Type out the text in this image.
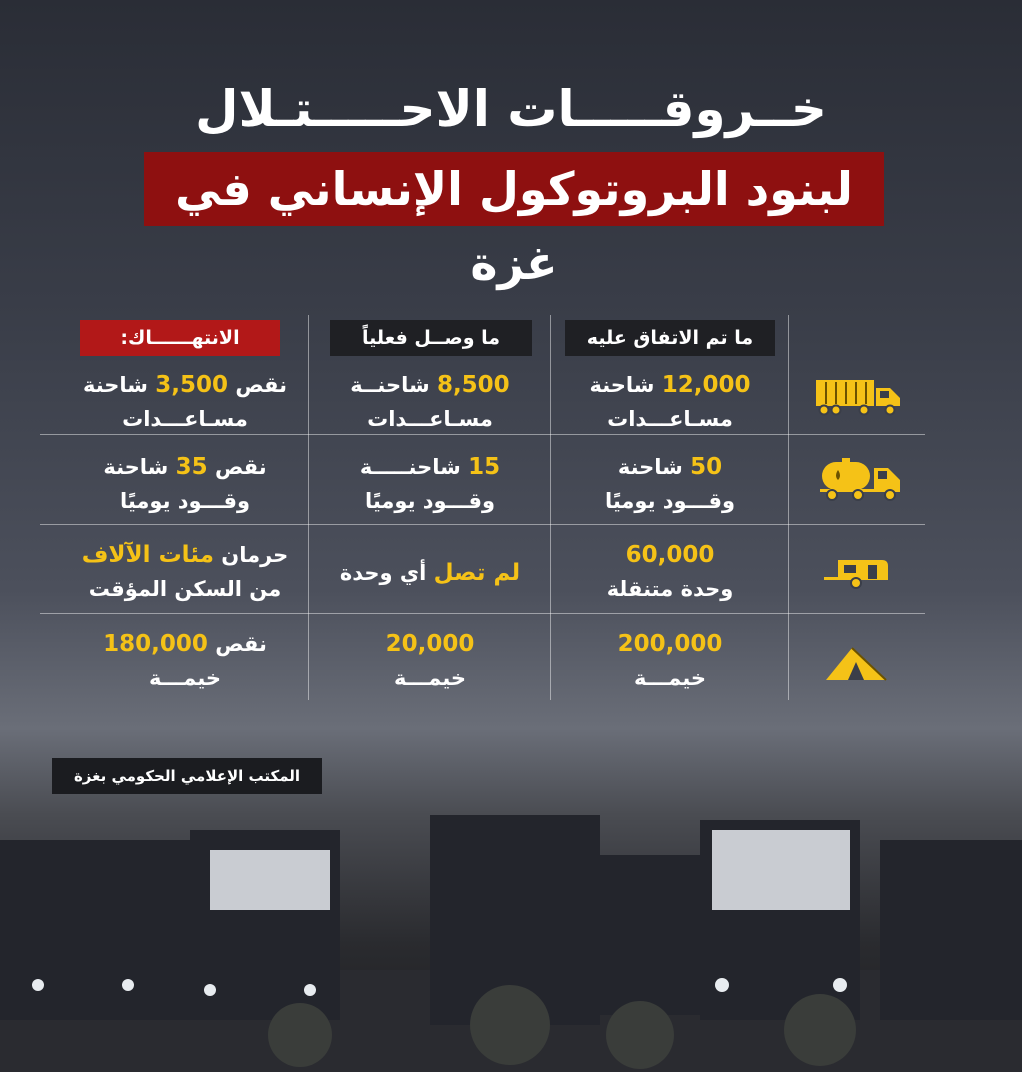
خــروقـــــات الاحـــــتـلال
لبنود البروتوكول الإنساني في غزة
ما تم الاتفاق عليه
ما وصــل فعلياً
الانتهــــــاك:
12,000 شاحنة
مسـاعـــدات
8,500 شاحنــة
مسـاعـــدات
نقص 3,500 شاحنة
مسـاعـــدات
50 شاحنة
وقـــود يوميًا
15 شاحنـــــة
وقـــود يوميًا
نقص 35 شاحنة
وقـــود يوميًا
60,000
وحدة متنقلة
لم تصل أي وحدة
حرمان مئات الآلاف
من السكن المؤقت
200,000
خيمـــة
20,000
خيمـــة
نقص 180,000
خيمـــة
المكتب الإعلامي الحكومي بغزة
